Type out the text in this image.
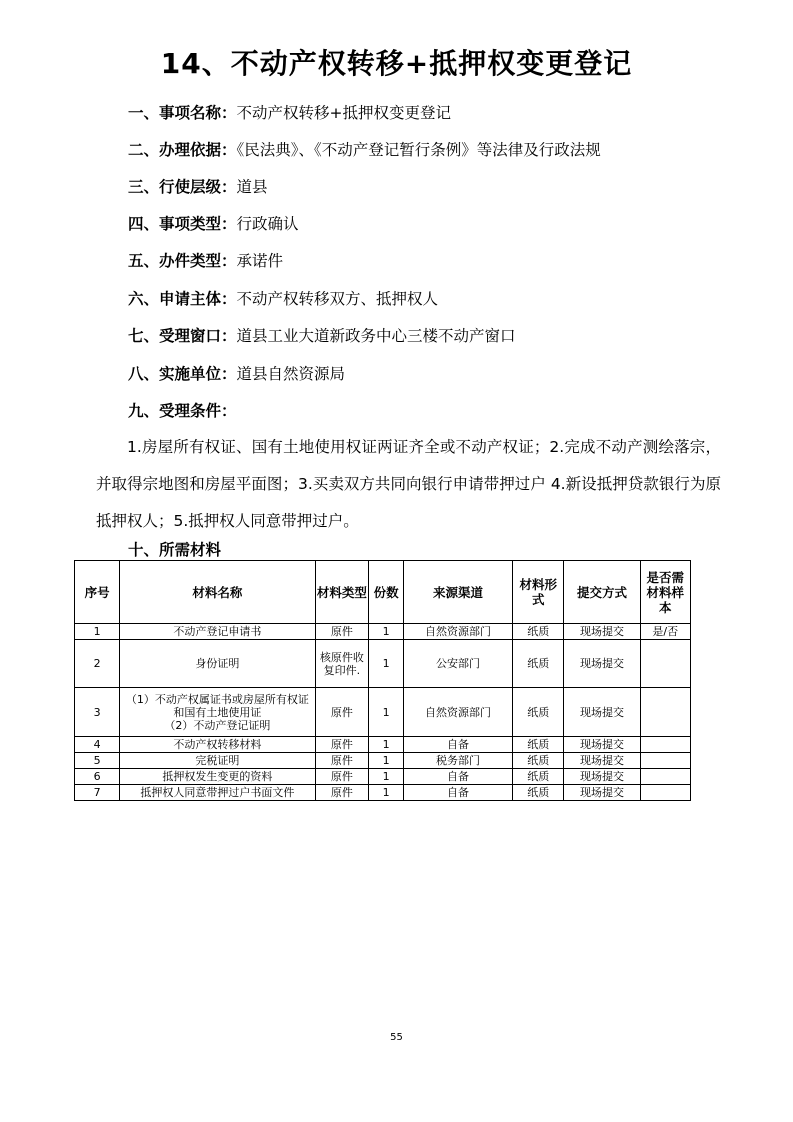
14、不动产权转移+抵押权变更登记
一、事项名称：不动产权转移+抵押权变更登记
二、办理依据：《民法典》、《不动产登记暂行条例》等法律及行政法规
三、行使层级：道县
四、事项类型：行政确认
五、办件类型：承诺件
六、申请主体：不动产权转移双方、抵押权人
七、受理窗口：道县工业大道新政务中心三楼不动产窗口
八、实施单位：道县自然资源局
九、受理条件：
1.房屋所有权证、国有土地使用权证两证齐全或不动产权证；2.完成不动产测绘落宗，并取得宗地图和房屋平面图；3.买卖双方共同向银行申请带押过户 4.新设抵押贷款银行为原抵押权人；5.抵押权人同意带押过户。
十、所需材料
序号	材料名称	材料类型	份数	来源渠道	材料形式	提交方式	是否需材料样本
1	不动产登记申请书	原件	1	自然资源部门	纸质	现场提交	是/否
2	身份证明	核原件收复印件.	1	公安部门	纸质	现场提交	
3	（1）不动产权属证书或房屋所有权证和国有土地使用证
（2）不动产登记证明	原件	1	自然资源部门	纸质	现场提交	
4	不动产权转移材料	原件	1	自备	纸质	现场提交	
5	完税证明	原件	1	税务部门	纸质	现场提交	
6	抵押权发生变更的资料	原件	1	自备	纸质	现场提交	
7	抵押权人同意带押过户书面文件	原件	1	自备	纸质	现场提交	
55
